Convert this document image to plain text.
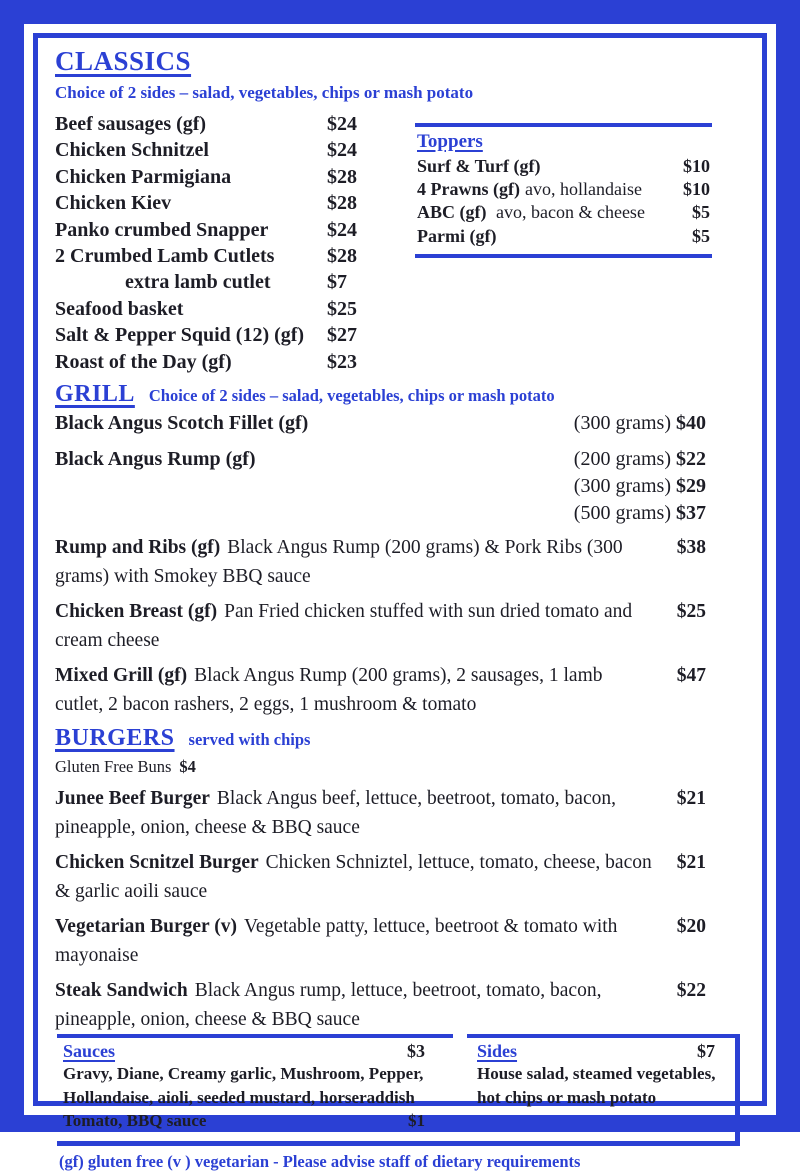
CLASSICS
Choice of 2 sides – salad, vegetables, chips or mash potato
Beef sausages (gf)	$24
Chicken Schnitzel	$24
Chicken Parmigiana	$28
Chicken Kiev	$28
Panko crumbed Snapper	$24
2 Crumbed Lamb Cutlets	$28
extra lamb cutlet	$7
Seafood basket	$25
Salt & Pepper Squid (12) (gf)	$27
Roast of the Day (gf)	$23
Toppers
Surf & Turf (gf)	$10
4 Prawns (gf) avo, hollandaise $10
ABC (gf) avo, bacon & cheese	$5
Parmi (gf)	$5
GRILL Choice of 2 sides – salad, vegetables, chips or mash potato
Black Angus Scotch Fillet (gf)	(300 grams) $40
Black Angus Rump (gf)	(200 grams) $22
(300 grams) $29
(500 grams) $37
Rump and Ribs (gf) Black Angus Rump (200 grams) & Pork Ribs (300 grams) with Smokey BBQ sauce
$38
Chicken Breast (gf) Pan Fried chicken stuffed with sun dried tomato and cream cheese
$25
Mixed Grill (gf) Black Angus Rump (200 grams), 2 sausages, 1 lamb cutlet, 2 bacon rashers, 2 eggs, 1 mushroom & tomato
$47
BURGERS served with chips
Gluten Free Buns $4
Junee Beef Burger Black Angus beef, lettuce, beetroot, tomato, bacon, pineapple, onion, cheese & BBQ sauce
$21
Chicken Scnitzel Burger Chicken Schniztel, lettuce, tomato, cheese, bacon & garlic aoili sauce
$21
Vegetarian Burger (v) Vegetable patty, lettuce, beetroot & tomato with mayonaise
$20
Steak Sandwich Black Angus rump, lettuce, beetroot, tomato, bacon, pineapple, onion, cheese & BBQ sauce
$22
Sauces	$3
Gravy, Diane, Creamy garlic, Mushroom, Pepper, Hollandaise, aioli, seeded mustard, horseraddish
Tomato, BBQ sauce	$1
Sides	$7
House salad, steamed vegetables, hot chips or mash potato
(gf) gluten free (v ) vegetarian - Please advise staff of dietary requirements
